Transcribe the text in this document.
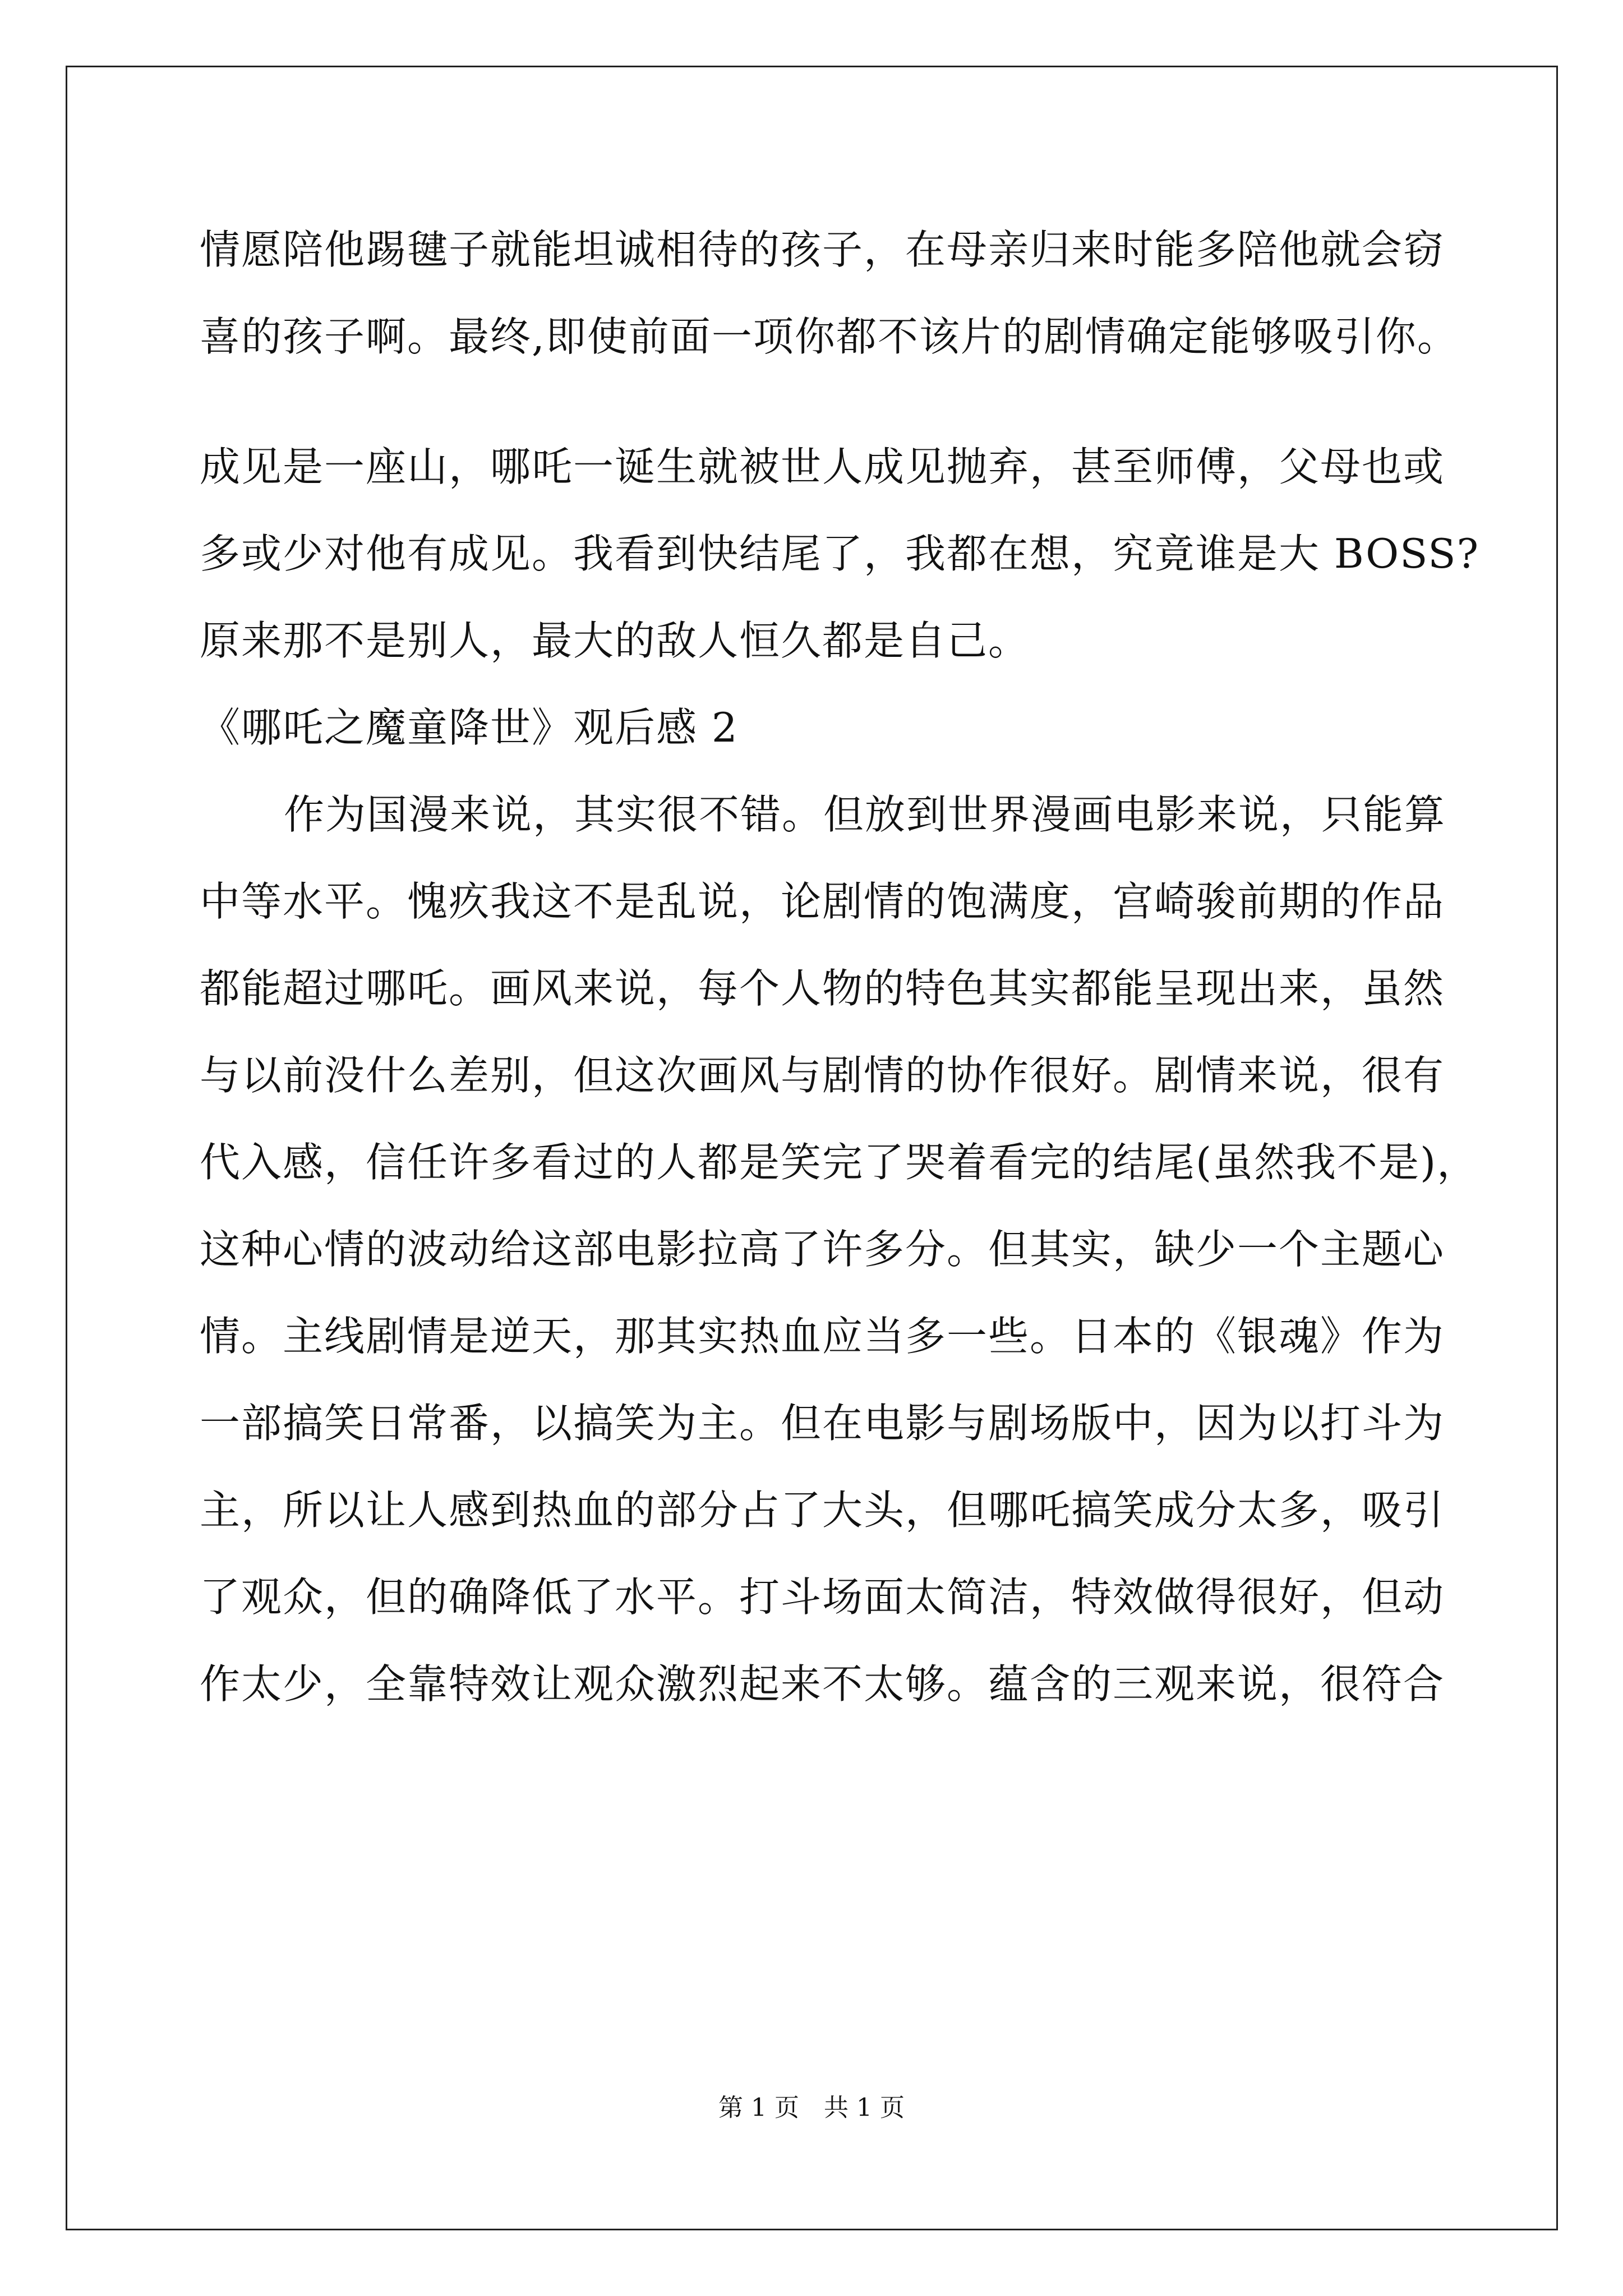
情愿陪他踢毽子就能坦诚相待的孩子，在母亲归来时能多陪他就会窃
喜的孩子啊。最终,即使前面一项你都不该片的剧情确定能够吸引你。
成见是一座山，哪吒一诞生就被世人成见抛弃，甚至师傅，父母也或
多或少对他有成见。我看到快结尾了，我都在想，究竟谁是大 BOSS?
原来那不是别人，最大的敌人恒久都是自己。
《哪吒之魔童降世》观后感 2
作为国漫来说，其实很不错。但放到世界漫画电影来说，只能算
中等水平。愧疚我这不是乱说，论剧情的饱满度，宫崎骏前期的作品
都能超过哪吒。画风来说，每个人物的特色其实都能呈现出来，虽然
与以前没什么差别，但这次画风与剧情的协作很好。剧情来说，很有
代入感，信任许多看过的人都是笑完了哭着看完的结尾(虽然我不是)，
这种心情的波动给这部电影拉高了许多分。但其实，缺少一个主题心
情。主线剧情是逆天，那其实热血应当多一些。日本的《银魂》作为
一部搞笑日常番，以搞笑为主。但在电影与剧场版中，因为以打斗为
主，所以让人感到热血的部分占了大头，但哪吒搞笑成分太多，吸引
了观众，但的确降低了水平。打斗场面太简洁，特效做得很好，但动
作太少，全靠特效让观众激烈起来不太够。蕴含的三观来说，很符合
第 1 页 共 1 页
